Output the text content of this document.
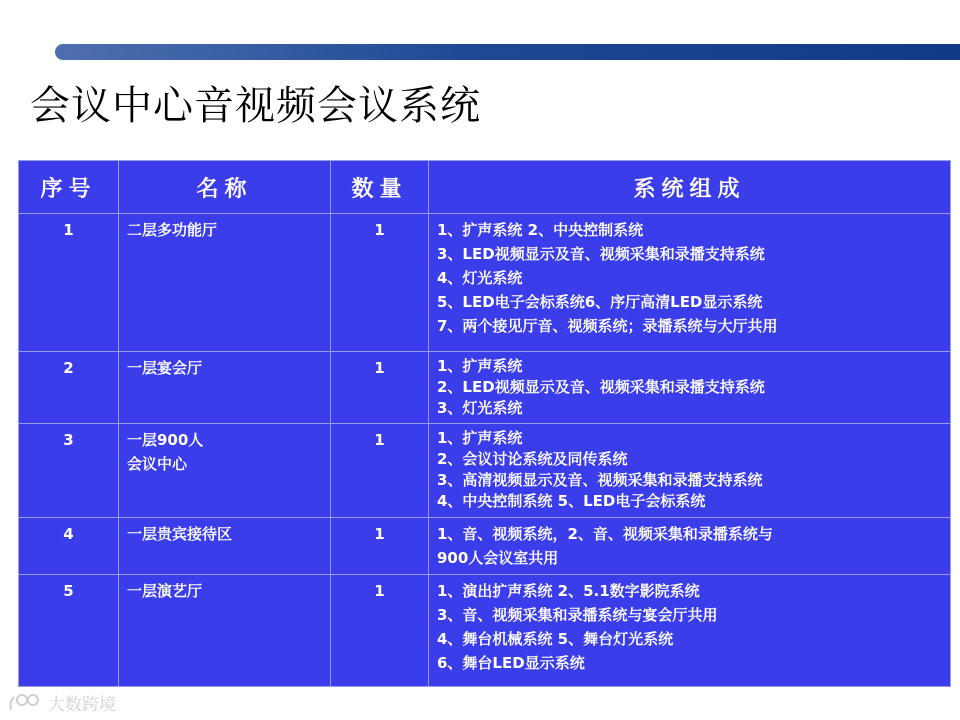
会议中心音视频会议系统
序号	名称	数量	系统组成
1	二层多功能厅	1	1、扩声系统 2、中央控制系统
3、LED视频显示及音、视频采集和录播支持系统
4、灯光系统
5、LED电子会标系统6、序厅高清LED显示系统
7、两个接见厅音、视频系统；录播系统与大厅共用

2	一层宴会厅	1	1、扩声系统
2、LED视频显示及音、视频采集和录播支持系统
3、灯光系统

3	一层900人
会议中心	1	1、扩声系统
2、会议讨论系统及同传系统
3、高清视频显示及音、视频采集和录播支持系统
4、中央控制系统 5、LED电子会标系统

4	一层贵宾接待区	1	1、音、视频系统，2、音、视频采集和录播系统与
900人会议室共用

5	一层演艺厅	1	1、演出扩声系统 2、5.1数字影院系统
3、音、视频采集和录播系统与宴会厅共用
4、舞台机械系统 5、舞台灯光系统
6、舞台LED显示系统
大数跨境
